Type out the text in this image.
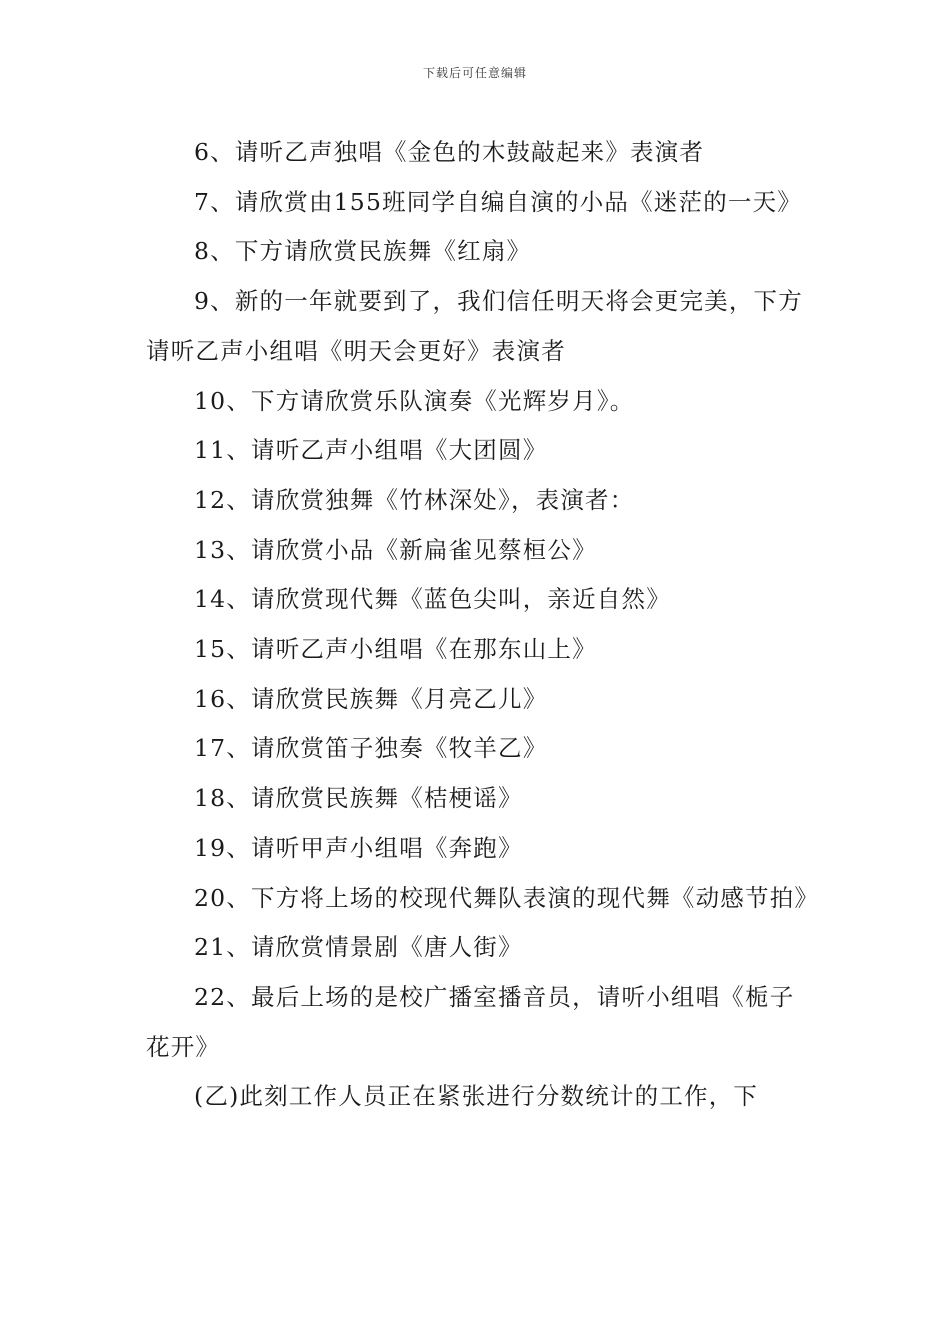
下载后可任意编辑

6、请听乙声独唱《金色的木鼓敲起来》表演者

7、请欣赏由155班同学自编自演的小品《迷茫的一天》

8、下方请欣赏民族舞《红扇》

9、新的一年就要到了，我们信任明天将会更完美，下方请听乙声小组唱《明天会更好》表演者

10、下方请欣赏乐队演奏《光辉岁月》。

11、请听乙声小组唱《大团圆》

12、请欣赏独舞《竹林深处》，表演者：

13、请欣赏小品《新扁雀见蔡桓公》

14、请欣赏现代舞《蓝色尖叫，亲近自然》

15、请听乙声小组唱《在那东山上》

16、请欣赏民族舞《月亮乙儿》

17、请欣赏笛子独奏《牧羊乙》

18、请欣赏民族舞《桔梗谣》

19、请听甲声小组唱《奔跑》

20、下方将上场的校现代舞队表演的现代舞《动感节拍》

21、请欣赏情景剧《唐人街》

22、最后上场的是校广播室播音员，请听小组唱《栀子花开》

(乙)此刻工作人员正在紧张进行分数统计的工作，下
